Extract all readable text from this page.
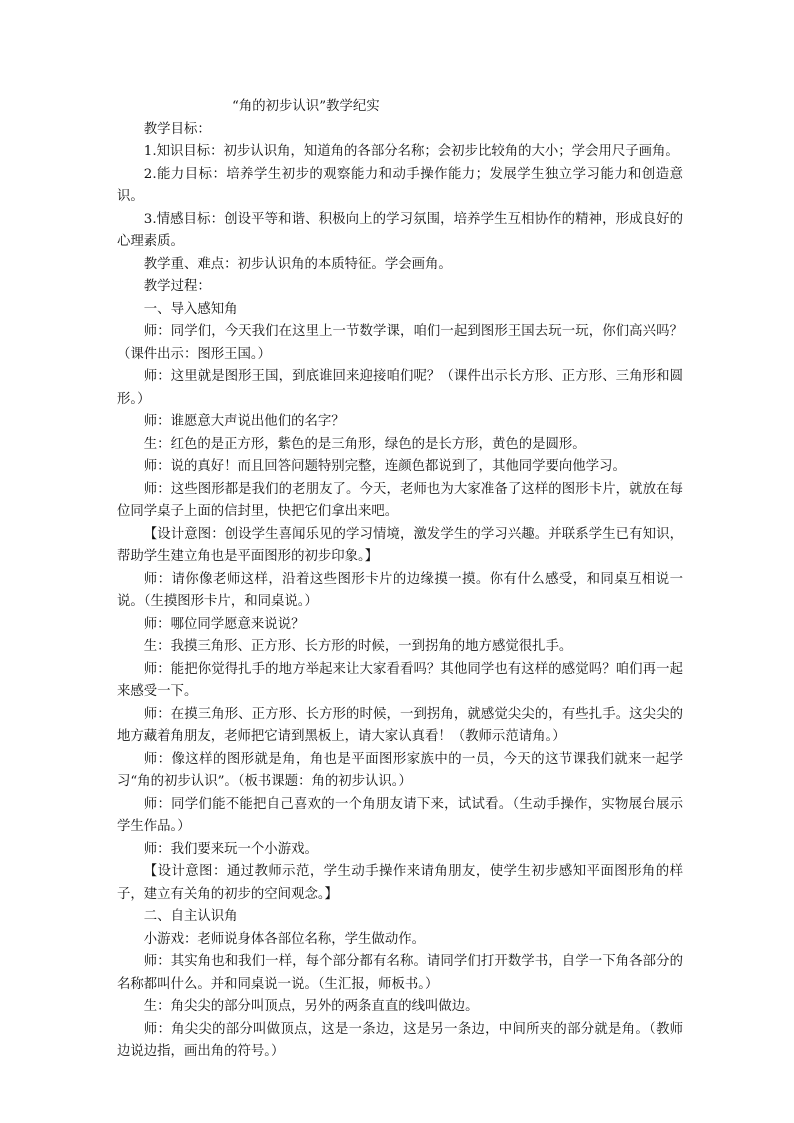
“角的初步认识”教学纪实

教学目标：

1.知识目标：初步认识角，知道角的各部分名称；会初步比较角的大小；学会用尺子画角。

2.能力目标：培养学生初步的观察能力和动手操作能力；发展学生独立学习能力和创造意识。

3.情感目标：创设平等和谐、积极向上的学习氛围，培养学生互相协作的精神，形成良好的心理素质。

教学重、难点：初步认识角的本质特征。学会画角。

教学过程：

一、导入感知角

师：同学们，今天我们在这里上一节数学课，咱们一起到图形王国去玩一玩，你们高兴吗？（课件出示：图形王国。）

师：这里就是图形王国，到底谁回来迎接咱们呢？（课件出示长方形、正方形、三角形和圆形。）

师：谁愿意大声说出他们的名字？

生：红色的是正方形，紫色的是三角形，绿色的是长方形，黄色的是圆形。

师：说的真好！而且回答问题特别完整，连颜色都说到了，其他同学要向他学习。

师：这些图形都是我们的老朋友了。今天，老师也为大家准备了这样的图形卡片，就放在每位同学桌子上面的信封里，快把它们拿出来吧。

【设计意图：创设学生喜闻乐见的学习情境，激发学生的学习兴趣。并联系学生已有知识，帮助学生建立角也是平面图形的初步印象。】

师：请你像老师这样，沿着这些图形卡片的边缘摸一摸。你有什么感受，和同桌互相说一说。（生摸图形卡片，和同桌说。）

师：哪位同学愿意来说说？

生：我摸三角形、正方形、长方形的时候，一到拐角的地方感觉很扎手。

师：能把你觉得扎手的地方举起来让大家看看吗？其他同学也有这样的感觉吗？咱们再一起来感受一下。

师：在摸三角形、正方形、长方形的时候，一到拐角，就感觉尖尖的，有些扎手。这尖尖的地方藏着角朋友，老师把它请到黑板上，请大家认真看！（教师示范请角。）

师：像这样的图形就是角，角也是平面图形家族中的一员，今天的这节课我们就来一起学习“角的初步认识”。（板书课题：角的初步认识。）

师：同学们能不能把自己喜欢的一个角朋友请下来，试试看。（生动手操作，实物展台展示学生作品。）

师：我们要来玩一个小游戏。

【设计意图：通过教师示范，学生动手操作来请角朋友，使学生初步感知平面图形角的样子，建立有关角的初步的空间观念。】

二、自主认识角

小游戏：老师说身体各部位名称，学生做动作。

师：其实角也和我们一样，每个部分都有名称。请同学们打开数学书，自学一下角各部分的名称都叫什么。并和同桌说一说。（生汇报，师板书。）

生：角尖尖的部分叫顶点，另外的两条直直的线叫做边。

师：角尖尖的部分叫做顶点，这是一条边，这是另一条边，中间所夹的部分就是角。（教师边说边指，画出角的符号。）
